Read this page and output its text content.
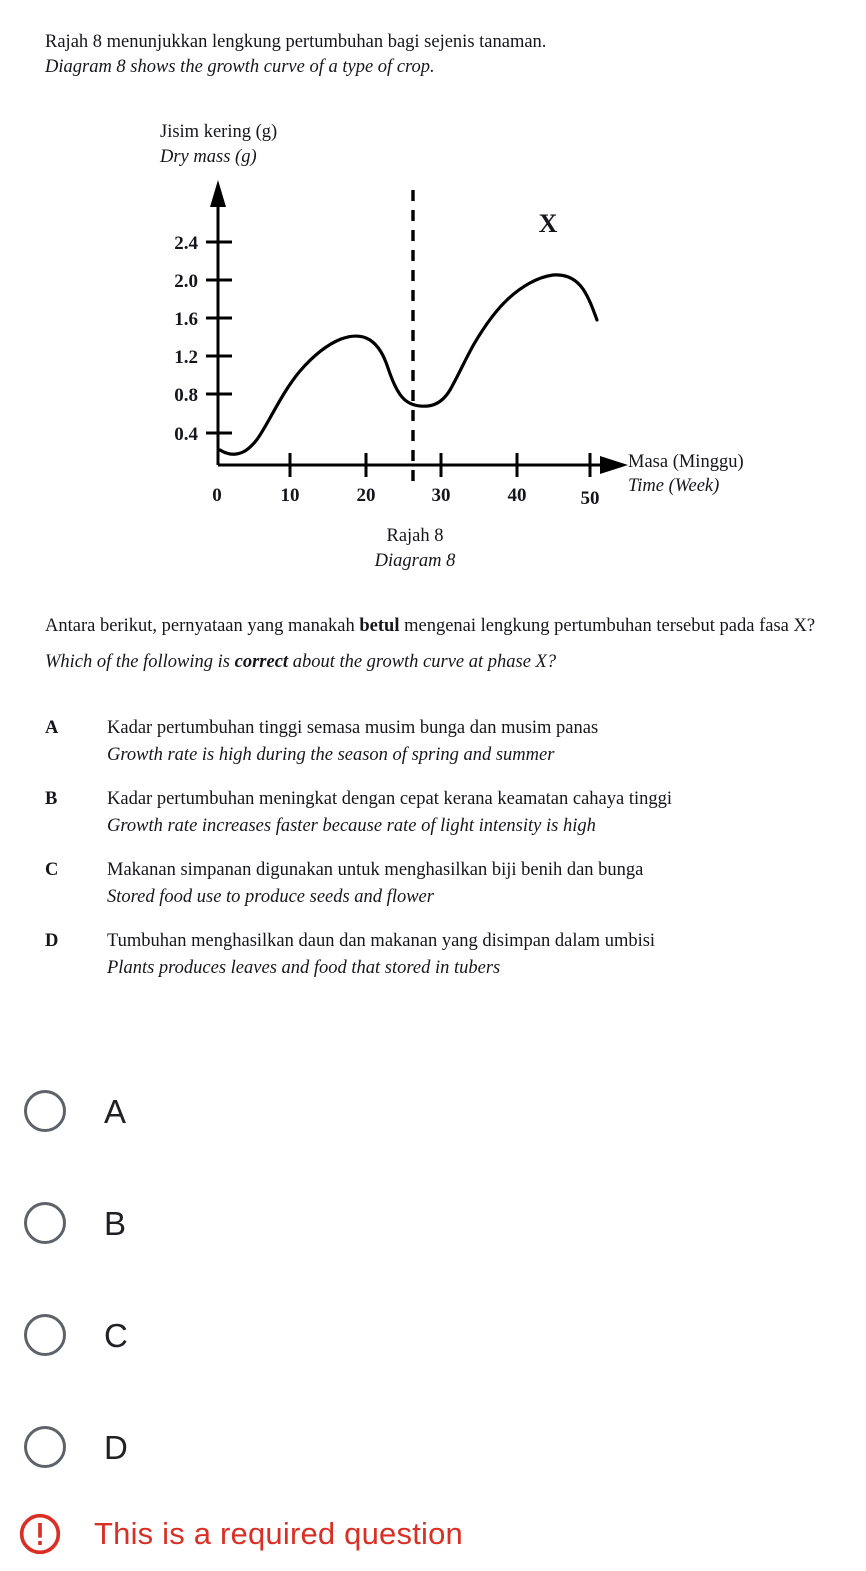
Rajah 8 menunjukkan lengkung pertumbuhan bagi sejenis tanaman.
Diagram 8 shows the growth curve of a type of crop.
Jisim kering (g)
Dry mass (g)
2.4
2.0
1.6
1.2
0.8
0.4
0	10	20	30	40	50
X
Masa (Minggu)
Time (Week)
Rajah 8
Diagram 8
Antara berikut, pernyataan yang manakah betul mengenai lengkung pertumbuhan tersebut pada fasa X?
Which of the following is correct about the growth curve at phase X?
A	Kadar pertumbuhan tinggi semasa musim bunga dan musim panas
Growth rate is high during the season of spring and summer
B	Kadar pertumbuhan meningkat dengan cepat kerana keamatan cahaya tinggi
Growth rate increases faster because rate of light intensity is high
C	Makanan simpanan digunakan untuk menghasilkan biji benih dan bunga
Stored food use to produce seeds and flower
D	Tumbuhan menghasilkan daun dan makanan yang disimpan dalam umbisi
Plants produces leaves and food that stored in tubers
A
B
C
D
This is a required question
